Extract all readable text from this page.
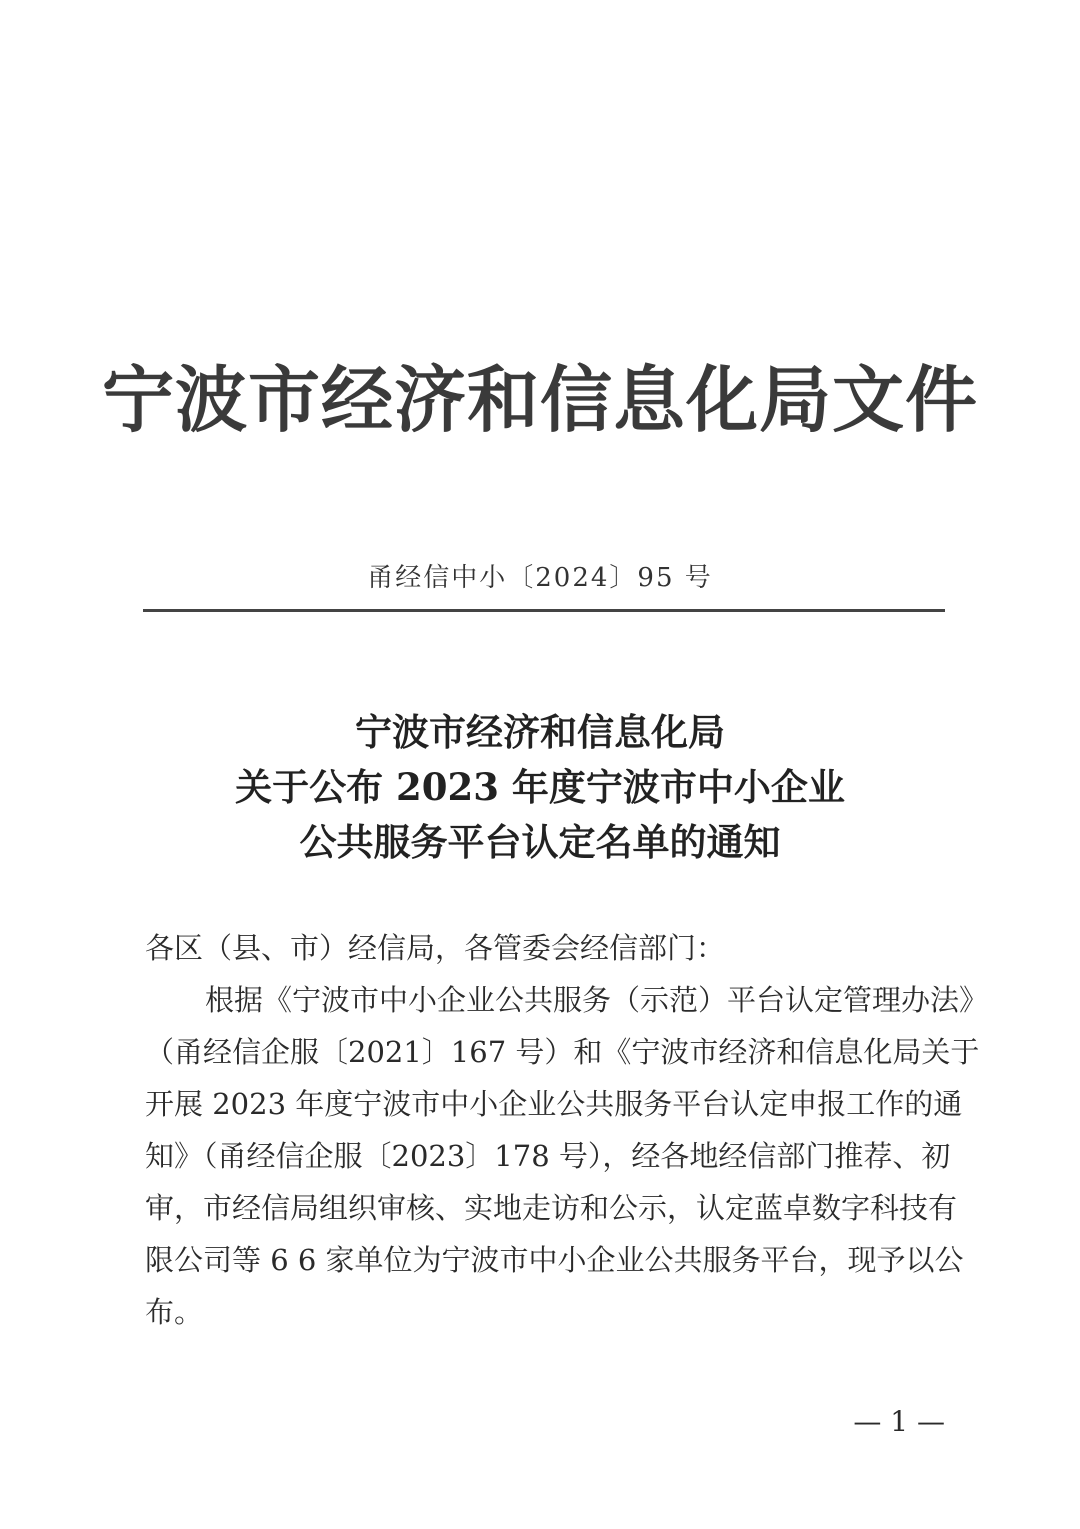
宁波市经济和信息化局文件
甬经信中小〔2024〕95 号
宁波市经济和信息化局
关于公布 2023 年度宁波市中小企业
公共服务平台认定名单的通知
各区（县、市）经信局，各管委会经信部门：
根据《宁波市中小企业公共服务（示范）平台认定管理办法》
（甬经信企服〔2021〕167 号）和《宁波市经济和信息化局关于
开展 2023 年度宁波市中小企业公共服务平台认定申报工作的通
知》（甬经信企服〔2023〕178 号），经各地经信部门推荐、初
审，市经信局组织审核、实地走访和公示，认定蓝卓数字科技有
限公司等 6 6 家单位为宁波市中小企业公共服务平台，现予以公
布。
— 1 —
